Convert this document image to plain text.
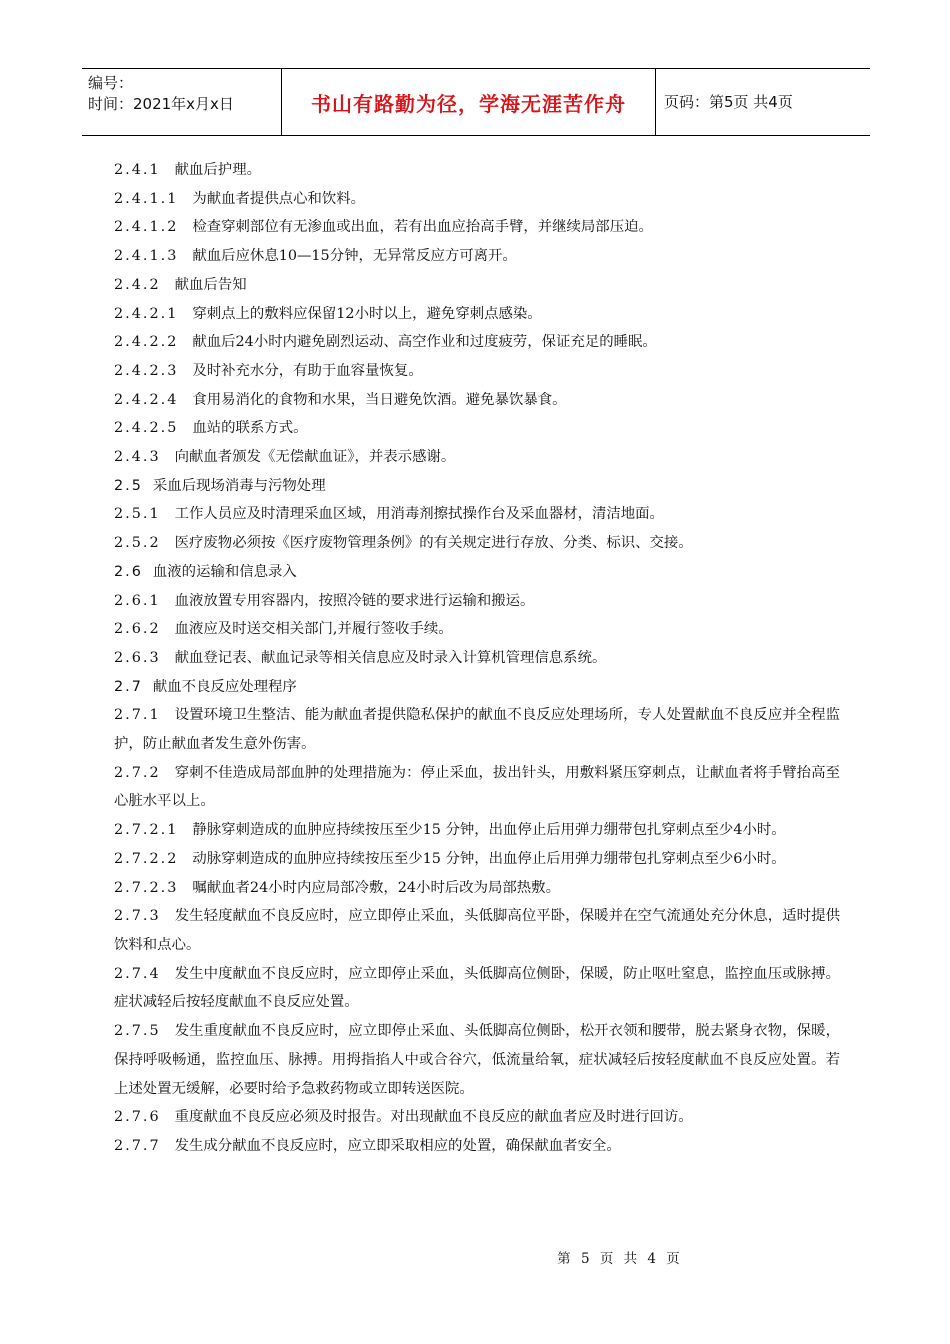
编号：
时间：2021年x月x日	书山有路勤为径，学海无涯苦作舟	页码：第5页 共4页
2.4.1 献血后护理。
2.4.1.1 为献血者提供点心和饮料。
2.4.1.2 检查穿刺部位有无渗血或出血，若有出血应抬高手臂，并继续局部压迫。
2.4.1.3 献血后应休息10—15分钟，无异常反应方可离开。
2.4.2 献血后告知
2.4.2.1 穿刺点上的敷料应保留12小时以上，避免穿刺点感染。
2.4.2.2 献血后24小时内避免剧烈运动、高空作业和过度疲劳，保证充足的睡眠。
2.4.2.3 及时补充水分，有助于血容量恢复。
2.4.2.4 食用易消化的食物和水果，当日避免饮酒。避免暴饮暴食。
2.4.2.5 血站的联系方式。
2.4.3 向献血者颁发《无偿献血证》，并表示感谢。
2.5 采血后现场消毒与污物处理
2.5.1 工作人员应及时清理采血区域，用消毒剂擦拭操作台及采血器材，清洁地面。
2.5.2 医疗废物必须按《医疗废物管理条例》的有关规定进行存放、分类、标识、交接。
2.6 血液的运输和信息录入
2.6.1 血液放置专用容器内，按照冷链的要求进行运输和搬运。
2.6.2 血液应及时送交相关部门,并履行签收手续。
2.6.3 献血登记表、献血记录等相关信息应及时录入计算机管理信息系统。
2.7 献血不良反应处理程序
2.7.1 设置环境卫生整洁、能为献血者提供隐私保护的献血不良反应处理场所，专人处置献血不良反应并全程监护，防止献血者发生意外伤害。
2.7.2 穿刺不佳造成局部血肿的处理措施为：停止采血，拔出针头，用敷料紧压穿刺点，让献血者将手臂抬高至心脏水平以上。
2.7.2.1 静脉穿刺造成的血肿应持续按压至少15 分钟，出血停止后用弹力绷带包扎穿刺点至少4小时。
2.7.2.2 动脉穿刺造成的血肿应持续按压至少15 分钟，出血停止后用弹力绷带包扎穿刺点至少6小时。
2.7.2.3 嘱献血者24小时内应局部冷敷，24小时后改为局部热敷。
2.7.3 发生轻度献血不良反应时，应立即停止采血，头低脚高位平卧，保暖并在空气流通处充分休息，适时提供饮料和点心。
2.7.4 发生中度献血不良反应时，应立即停止采血，头低脚高位侧卧，保暖，防止呕吐窒息，监控血压或脉搏。症状减轻后按轻度献血不良反应处置。
2.7.5 发生重度献血不良反应时，应立即停止采血、头低脚高位侧卧，松开衣领和腰带，脱去紧身衣物，保暖，保持呼吸畅通，监控血压、脉搏。用拇指掐人中或合谷穴，低流量给氧，症状减轻后按轻度献血不良反应处置。若上述处置无缓解，必要时给予急救药物或立即转送医院。
2.7.6 重度献血不良反应必须及时报告。对出现献血不良反应的献血者应及时进行回访。
2.7.7 发生成分献血不良反应时，应立即采取相应的处置，确保献血者安全。
第 5 页 共 4 页
